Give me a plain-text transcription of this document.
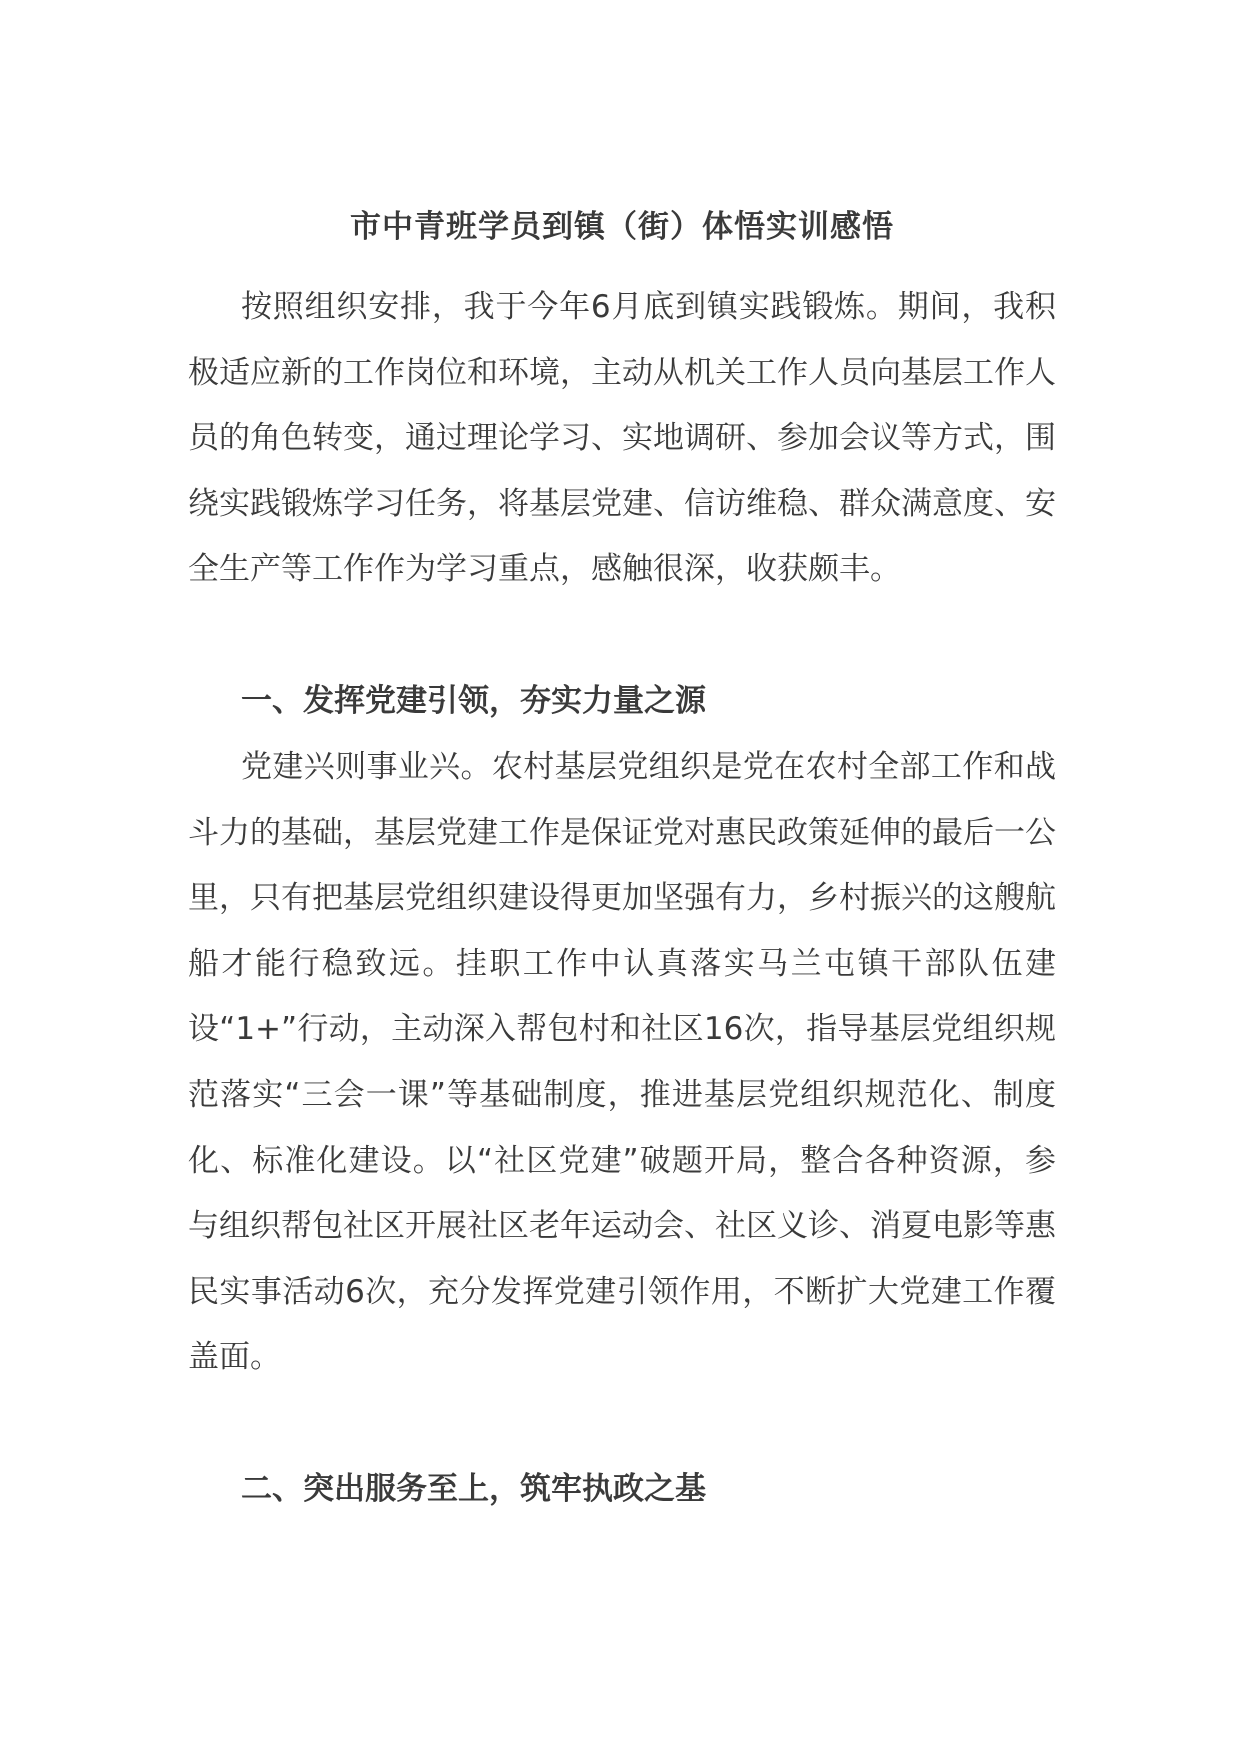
市中青班学员到镇（街）体悟实训感悟

按照组织安排，我于今年6月底到镇实践锻炼。期间，我积极适应新的工作岗位和环境，主动从机关工作人员向基层工作人员的角色转变，通过理论学习、实地调研、参加会议等方式，围绕实践锻炼学习任务，将基层党建、信访维稳、群众满意度、安全生产等工作作为学习重点，感触很深，收获颇丰。

一、发挥党建引领，夯实力量之源

党建兴则事业兴。农村基层党组织是党在农村全部工作和战斗力的基础，基层党建工作是保证党对惠民政策延伸的最后一公里，只有把基层党组织建设得更加坚强有力，乡村振兴的这艘航船才能行稳致远。挂职工作中认真落实马兰屯镇干部队伍建设“1+”行动，主动深入帮包村和社区16次，指导基层党组织规范落实“三会一课”等基础制度，推进基层党组织规范化、制度化、标准化建设。以“社区党建”破题开局，整合各种资源，参与组织帮包社区开展社区老年运动会、社区义诊、消夏电影等惠民实事活动6次，充分发挥党建引领作用，不断扩大党建工作覆盖面。

二、突出服务至上，筑牢执政之基
